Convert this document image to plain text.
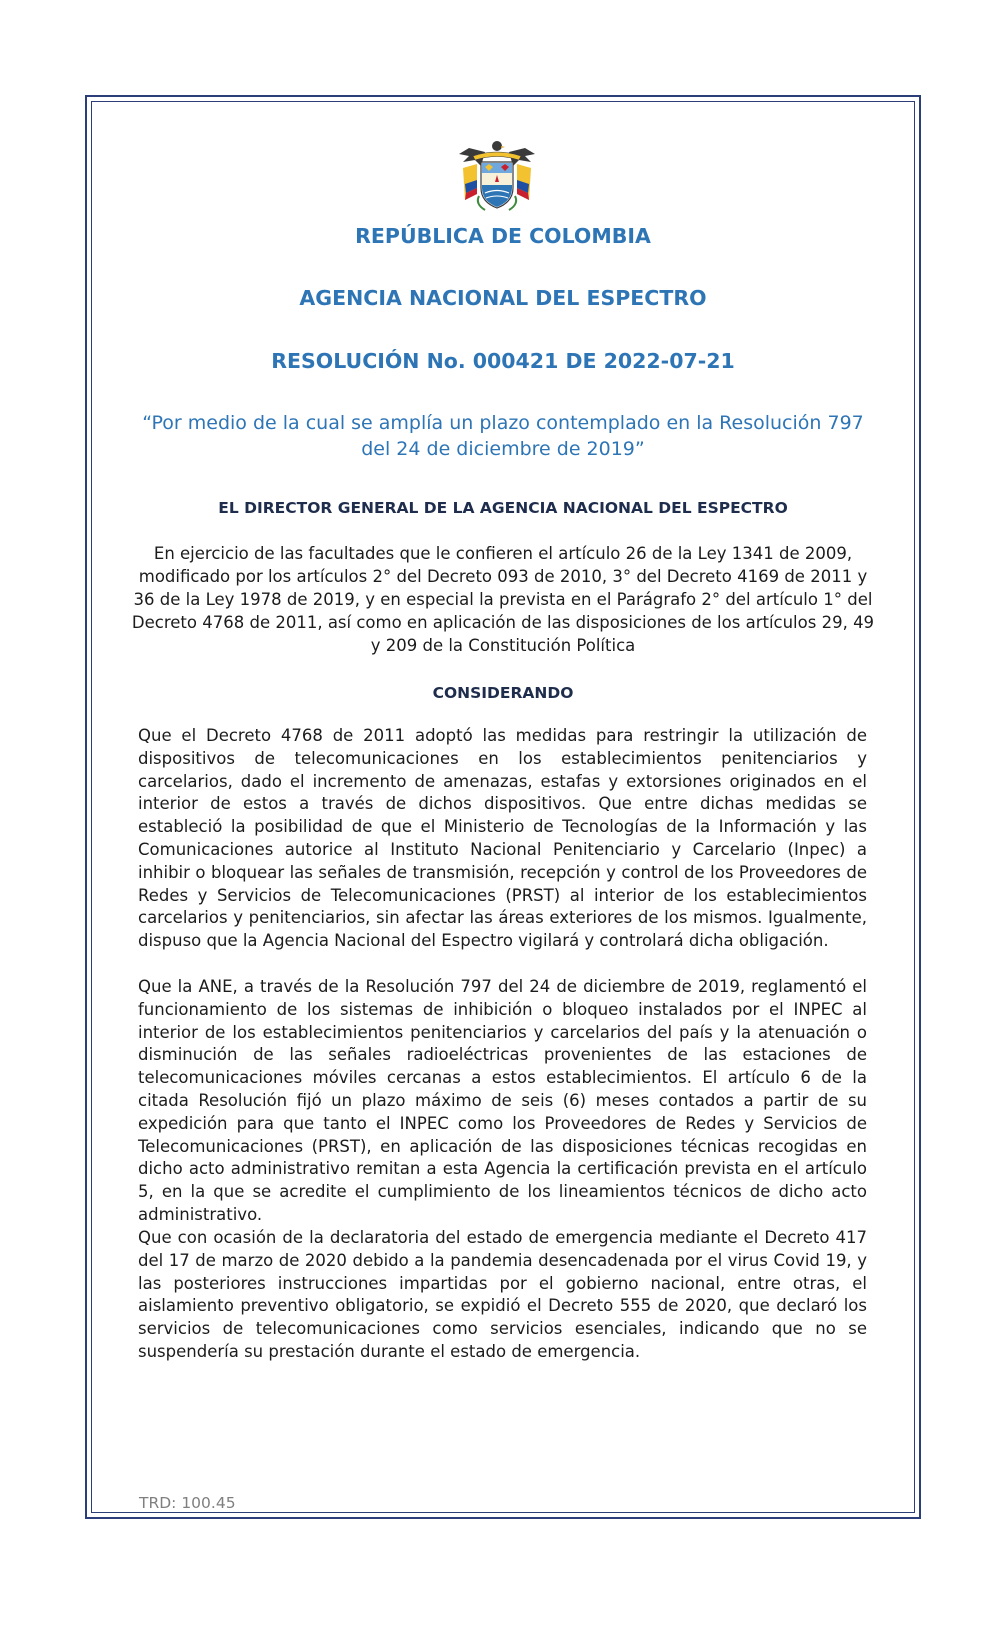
REPÚBLICA DE COLOMBIA
AGENCIA NACIONAL DEL ESPECTRO
RESOLUCIÓN No. 000421 DE 2022-07-21

“Por medio de la cual se amplía un plazo contemplado en la Resolución 797 del 24 de diciembre de 2019”

EL DIRECTOR GENERAL DE LA AGENCIA NACIONAL DEL ESPECTRO

En ejercicio de las facultades que le confieren el artículo 26 de la Ley 1341 de 2009, modificado por los artículos 2° del Decreto 093 de 2010, 3° del Decreto 4169 de 2011 y 36 de la Ley 1978 de 2019, y en especial la prevista en el Parágrafo 2° del artículo 1° del Decreto 4768 de 2011, así como en aplicación de las disposiciones de los artículos 29, 49 y 209 de la Constitución Política

CONSIDERANDO

Que el Decreto 4768 de 2011 adoptó las medidas para restringir la utilización de dispositivos de telecomunicaciones en los establecimientos penitenciarios y carcelarios, dado el incremento de amenazas, estafas y extorsiones originados en el interior de estos a través de dichos dispositivos. Que entre dichas medidas se estableció la posibilidad de que el Ministerio de Tecnologías de la Información y las Comunicaciones autorice al Instituto Nacional Penitenciario y Carcelario (Inpec) a inhibir o bloquear las señales de transmisión, recepción y control de los Proveedores de Redes y Servicios de Telecomunicaciones (PRST) al interior de los establecimientos carcelarios y penitenciarios, sin afectar las áreas exteriores de los mismos. Igualmente, dispuso que la Agencia Nacional del Espectro vigilará y controlará dicha obligación.

Que la ANE, a través de la Resolución 797 del 24 de diciembre de 2019, reglamentó el funcionamiento de los sistemas de inhibición o bloqueo instalados por el INPEC al interior de los establecimientos penitenciarios y carcelarios del país y la atenuación o disminución de las señales radioeléctricas provenientes de las estaciones de telecomunicaciones móviles cercanas a estos establecimientos. El artículo 6 de la citada Resolución fijó un plazo máximo de seis (6) meses contados a partir de su expedición para que tanto el INPEC como los Proveedores de Redes y Servicios de Telecomunicaciones (PRST), en aplicación de las disposiciones técnicas recogidas en dicho acto administrativo remitan a esta Agencia la certificación prevista en el artículo 5, en la que se acredite el cumplimiento de los lineamientos técnicos de dicho acto administrativo.

Que con ocasión de la declaratoria del estado de emergencia mediante el Decreto 417 del 17 de marzo de 2020 debido a la pandemia desencadenada por el virus Covid 19, y las posteriores instrucciones impartidas por el gobierno nacional, entre otras, el aislamiento preventivo obligatorio, se expidió el Decreto 555 de 2020, que declaró los servicios de telecomunicaciones como servicios esenciales, indicando que no se suspendería su prestación durante el estado de emergencia.

TRD: 100.45
